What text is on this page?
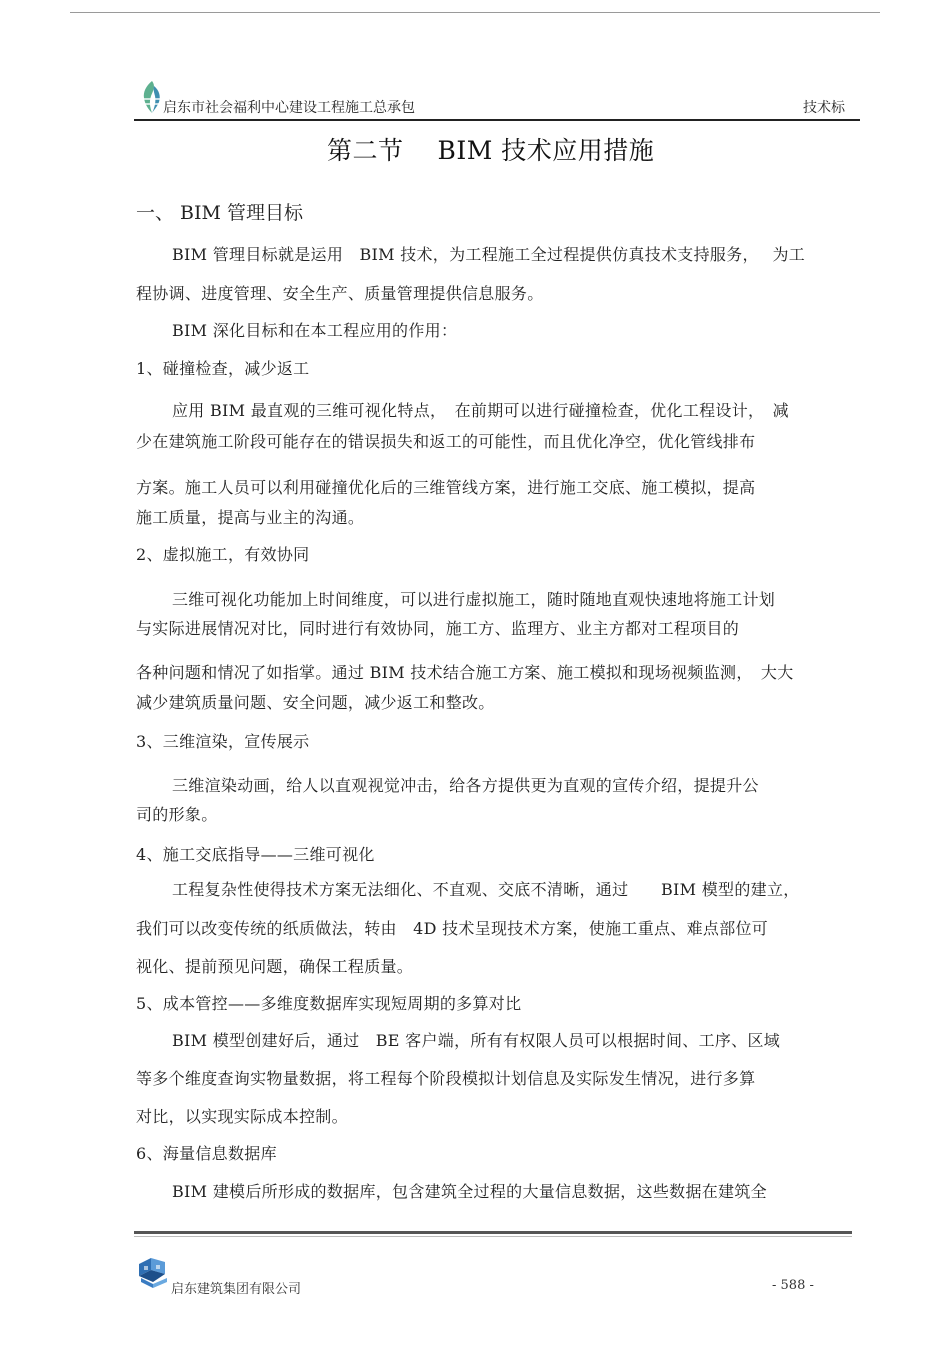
启东市社会福利中心建设工程施工总承包	技术标
第二节　 BIM 技术应用措施
一、 BIM 管理目标
BIM 管理目标就是运用　BIM 技术，为工程施工全过程提供仿真技术支持服务，　 为工
程协调、进度管理、安全生产、质量管理提供信息服务。
BIM 深化目标和在本工程应用的作用：
1、碰撞检查，减少返工
应用 BIM 最直观的三维可视化特点，　在前期可以进行碰撞检查，优化工程设计，　减
少在建筑施工阶段可能存在的错误损失和返工的可能性，而且优化净空，优化管线排布
方案。施工人员可以利用碰撞优化后的三维管线方案，进行施工交底、施工模拟，提高
施工质量，提高与业主的沟通。
2、虚拟施工，有效协同
三维可视化功能加上时间维度，可以进行虚拟施工，随时随地直观快速地将施工计划
与实际进展情况对比，同时进行有效协同，施工方、监理方、业主方都对工程项目的
各种问题和情况了如指掌。通过 BIM 技术结合施工方案、施工模拟和现场视频监测，　大大
减少建筑质量问题、安全问题，减少返工和整改。
3、三维渲染，宣传展示
三维渲染动画，给人以直观视觉冲击，给各方提供更为直观的宣传介绍，提提升公
司的形象。
4、施工交底指导——三维可视化
工程复杂性使得技术方案无法细化、不直观、交底不清晰，通过　　BIM 模型的建立，
我们可以改变传统的纸质做法，转由　4D 技术呈现技术方案，使施工重点、难点部位可
视化、提前预见问题，确保工程质量。
5、成本管控——多维度数据库实现短周期的多算对比
BIM 模型创建好后，通过　BE 客户端，所有有权限人员可以根据时间、工序、区域
等多个维度查询实物量数据，将工程每个阶段模拟计划信息及实际发生情况，进行多算
对比，以实现实际成本控制。
6、海量信息数据库
BIM 建模后所形成的数据库，包含建筑全过程的大量信息数据，这些数据在建筑全
启东建筑集团有限公司	- 588 -
